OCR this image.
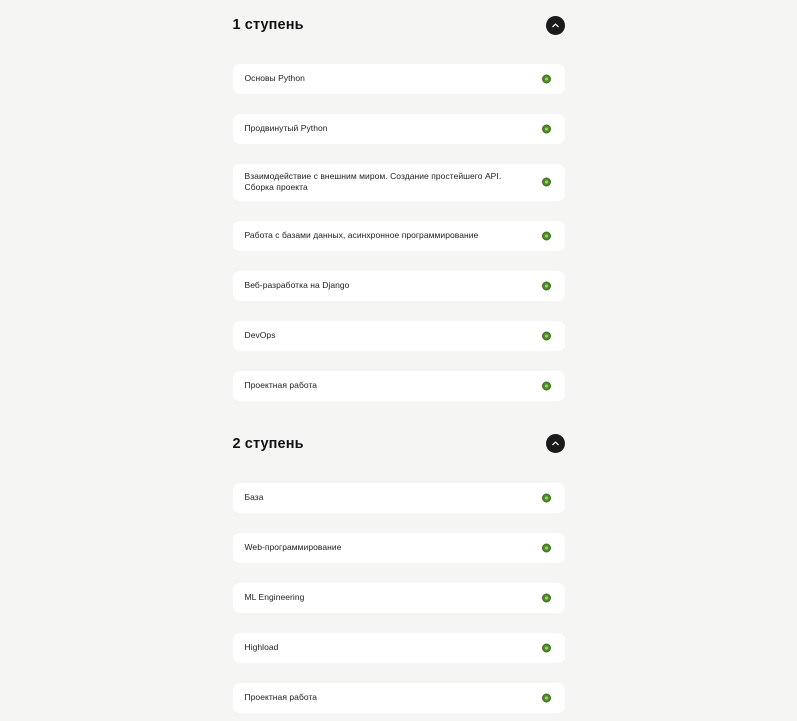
1 ступень
Основы Python
Продвинутый Python
Взаимодействие с внешним миром. Создание простейшего API. Сборка проекта
Работа с базами данных, асинхронное программирование
Веб-разработка на Django
DevOps
Проектная работа
2 ступень
База
Web-программирование
ML Engineering
Highload
Проектная работа
